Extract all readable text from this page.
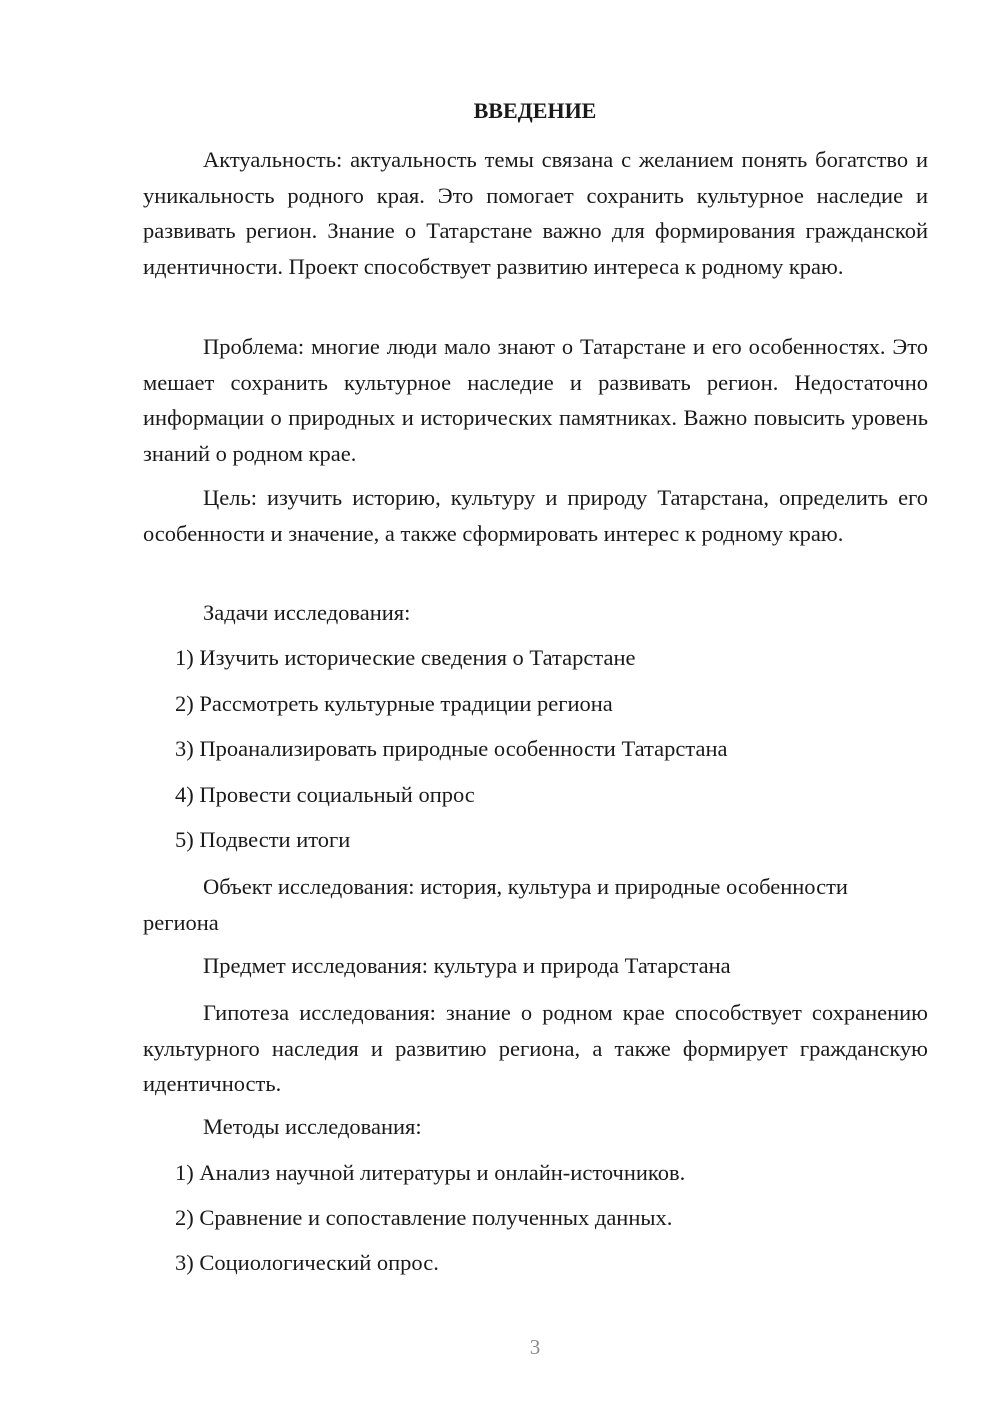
ВВЕДЕНИЕ

Актуальность: актуальность темы связана с желанием понять богатство и уникальность родного края. Это помогает сохранить культурное наследие и развивать регион. Знание о Татарстане важно для формирования гражданской идентичности. Проект способствует развитию интереса к родному краю.

Проблема: многие люди мало знают о Татарстане и его особенностях. Это мешает сохранить культурное наследие и развивать регион. Недостаточно информации о природных и исторических памятниках. Важно повысить уровень знаний о родном крае.

Цель: изучить историю, культуру и природу Татарстана, определить его особенности и значение, а также сформировать интерес к родному краю.

Задачи исследования:
1) Изучить исторические сведения о Татарстане
2) Рассмотреть культурные традиции региона
3) Проанализировать природные особенности Татарстана
4) Провести социальный опрос
5) Подвести итоги

Объект исследования: история, культура и природные особенности региона

Предмет исследования: культура и природа Татарстана

Гипотеза исследования: знание о родном крае способствует сохранению культурного наследия и развитию региона, а также формирует гражданскую идентичность.

Методы исследования:
1) Анализ научной литературы и онлайн-источников.
2) Сравнение и сопоставление полученных данных.
3) Социологический опрос.
3
